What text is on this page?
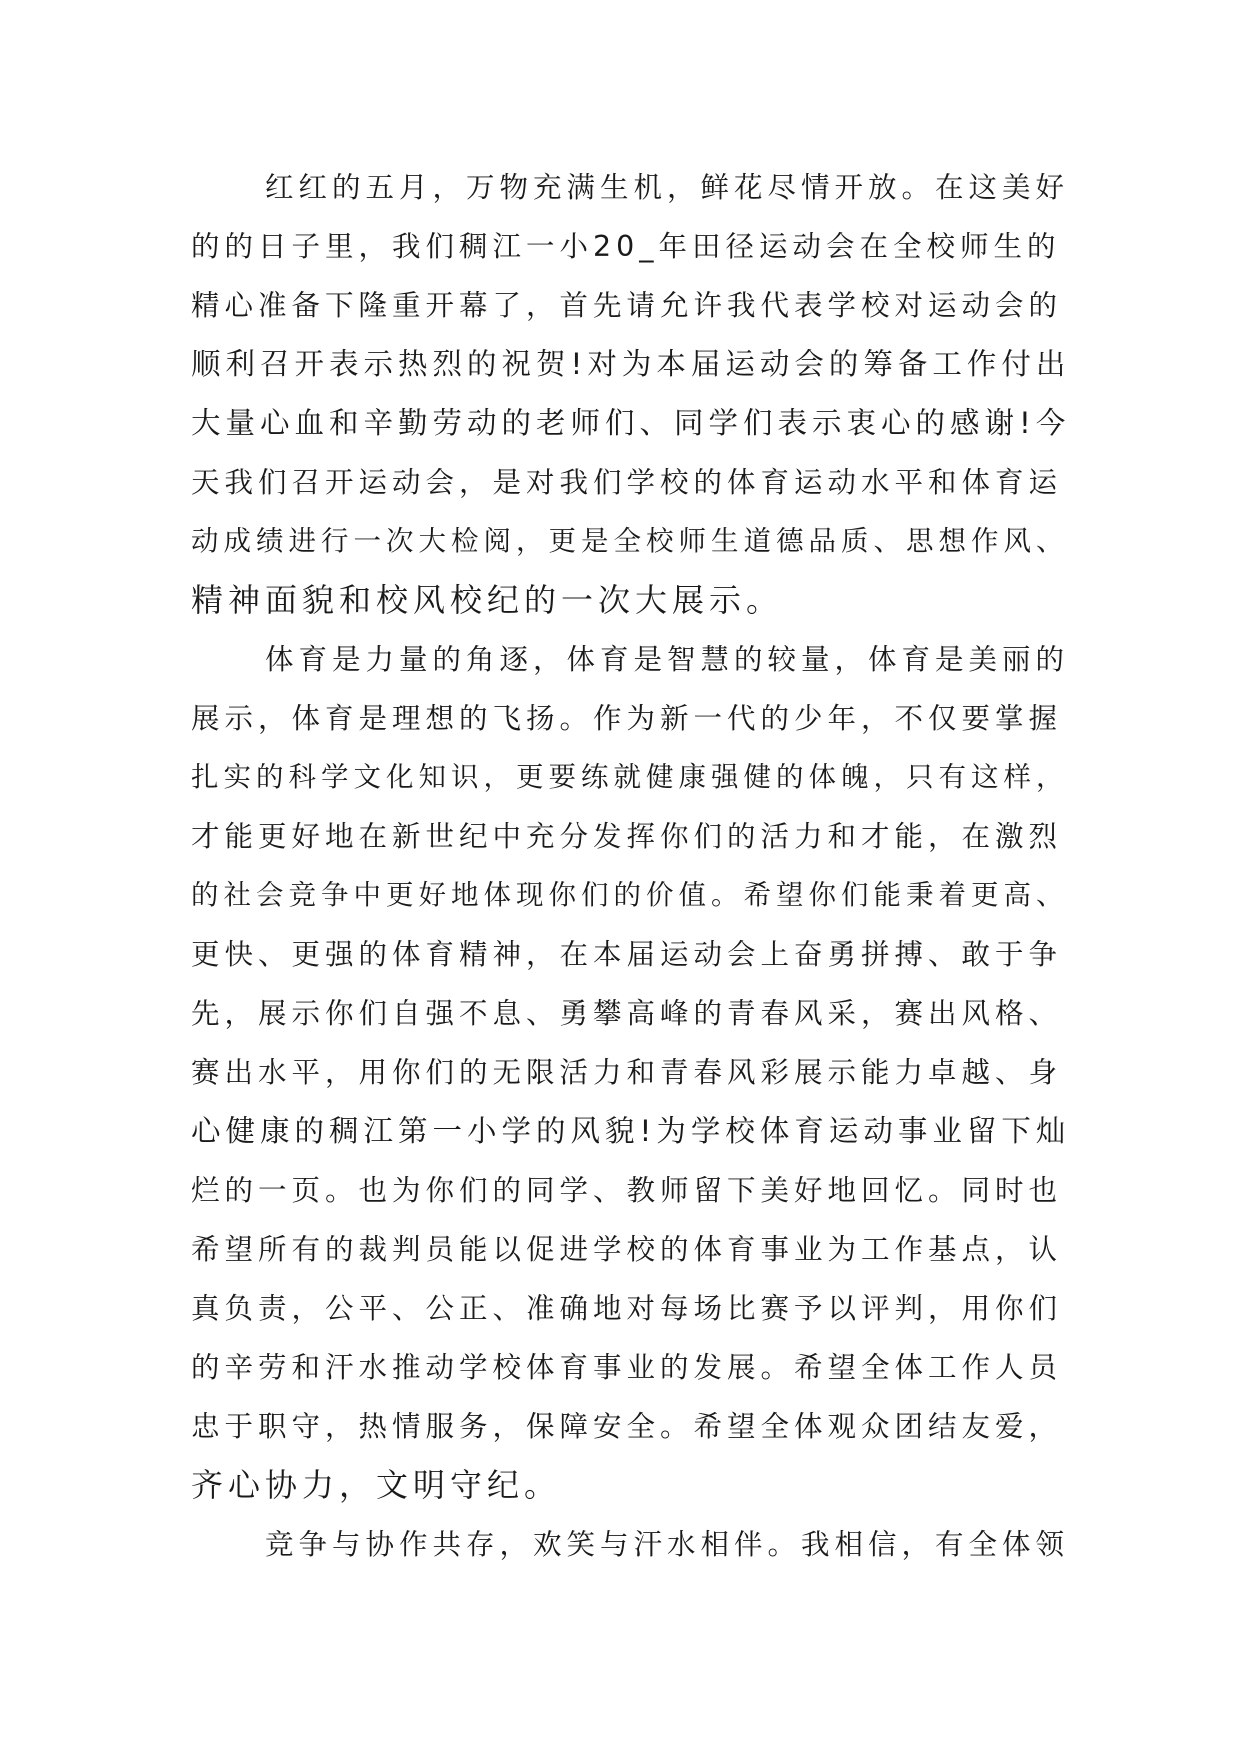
红红的五月，万物充满生机，鲜花尽情开放。在这美好
的的日子里，我们稠江一小20_年田径运动会在全校师生的
精心准备下隆重开幕了，首先请允许我代表学校对运动会的
顺利召开表示热烈的祝贺!对为本届运动会的筹备工作付出
大量心血和辛勤劳动的老师们、同学们表示衷心的感谢!今
天我们召开运动会，是对我们学校的体育运动水平和体育运
动成绩进行一次大检阅，更是全校师生道德品质、思想作风、
精神面貌和校风校纪的一次大展示。
体育是力量的角逐，体育是智慧的较量，体育是美丽的
展示，体育是理想的飞扬。作为新一代的少年，不仅要掌握
扎实的科学文化知识，更要练就健康强健的体魄，只有这样，
才能更好地在新世纪中充分发挥你们的活力和才能，在激烈
的社会竞争中更好地体现你们的价值。希望你们能秉着更高、
更快、更强的体育精神，在本届运动会上奋勇拼搏、敢于争
先，展示你们自强不息、勇攀高峰的青春风采，赛出风格、
赛出水平，用你们的无限活力和青春风彩展示能力卓越、身
心健康的稠江第一小学的风貌!为学校体育运动事业留下灿
烂的一页。也为你们的同学、教师留下美好地回忆。同时也
希望所有的裁判员能以促进学校的体育事业为工作基点，认
真负责，公平、公正、准确地对每场比赛予以评判，用你们
的辛劳和汗水推动学校体育事业的发展。希望全体工作人员
忠于职守，热情服务，保障安全。希望全体观众团结友爱，
齐心协力，文明守纪。
竞争与协作共存，欢笑与汗水相伴。我相信，有全体领
